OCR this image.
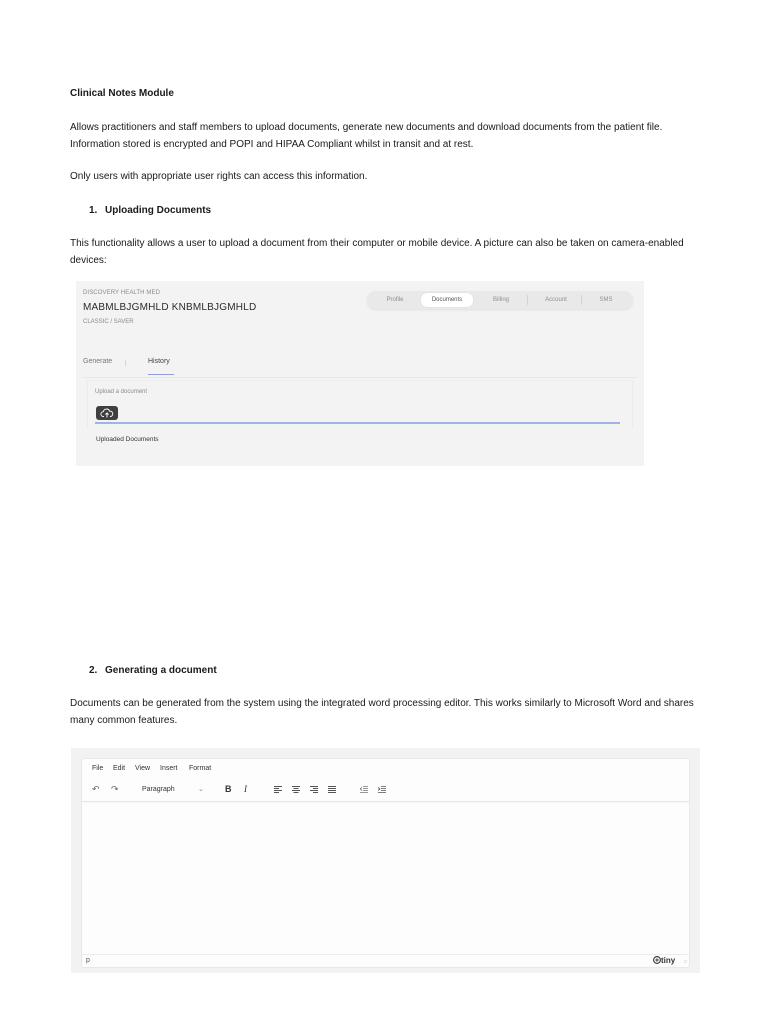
Clinical Notes Module
Allows practitioners and staff members to upload documents, generate new documents and download documents from the patient file. Information stored is encrypted and POPI and HIPAA Compliant whilst in transit and at rest.
Only users with appropriate user rights can access this information.
1. Uploading Documents
This functionality allows a user to upload a document from their computer or mobile device. A picture can also be taken on camera-enabled devices:
DISCOVERY HEALTH MED
MABMLBJGMHLD KNBMLBJGMHLD
CLASSIC / SAVER
Profile	Documents	Billing	Account	SMS
Generate	History
Upload a document
Uploaded Documents
2. Generating a document
Documents can be generated from the system using the integrated word processing editor. This works similarly to Microsoft Word and shares many common features.
File Edit View Insert Format
↶ ↷	Paragraph	⌄ B I
p	tiny ⁙
